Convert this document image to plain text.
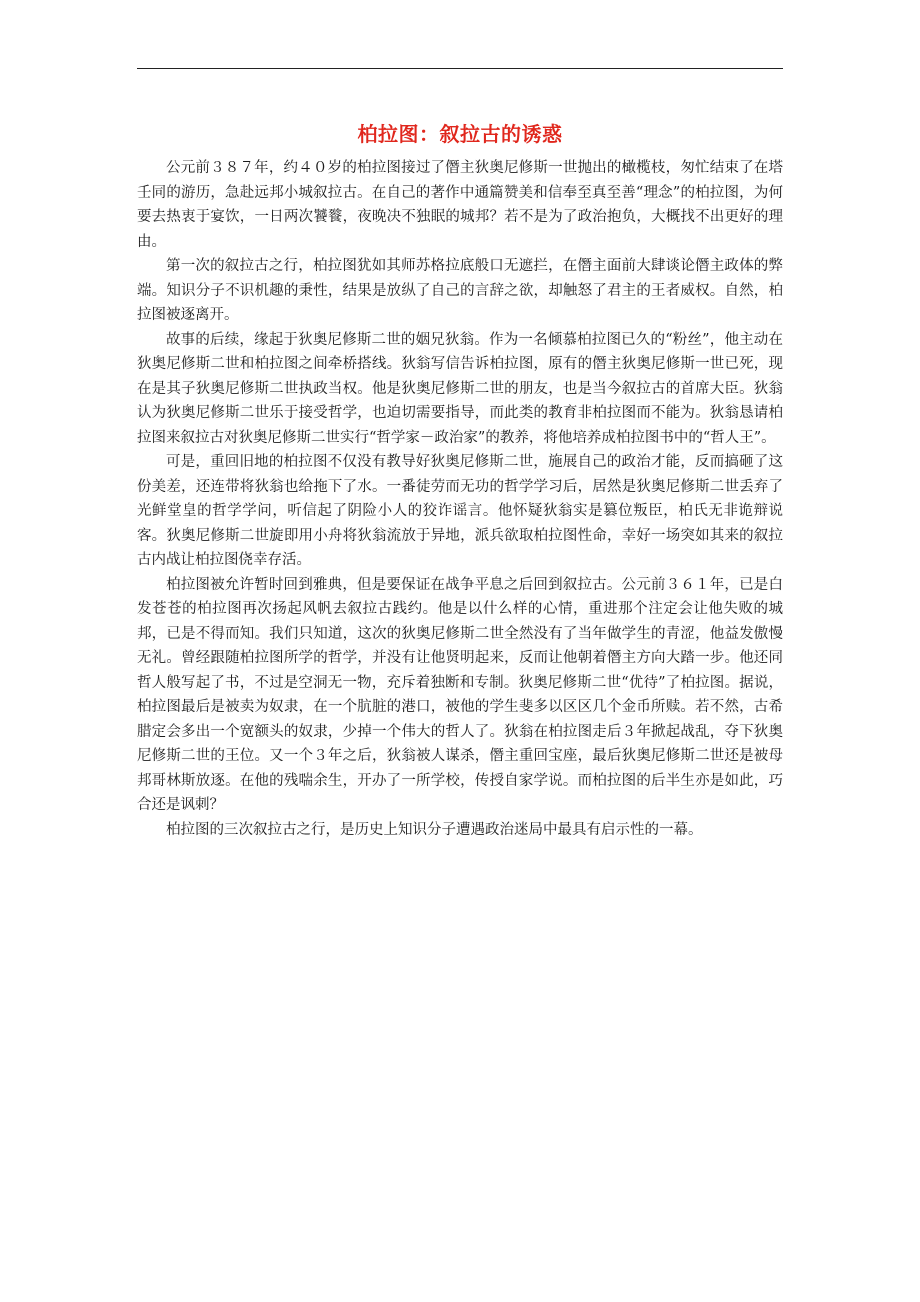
柏拉图：叙拉古的诱惑

公元前３８７年，约４０岁的柏拉图接过了僭主狄奥尼修斯一世抛出的橄榄枝，匆忙结束了在塔壬同的游历，急赴远邦小城叙拉古。在自己的著作中通篇赞美和信奉至真至善“理念”的柏拉图，为何要去热衷于宴饮，一日两次饕餮，夜晚决不独眠的城邦？若不是为了政治抱负，大概找不出更好的理由。

第一次的叙拉古之行，柏拉图犹如其师苏格拉底般口无遮拦，在僭主面前大肆谈论僭主政体的弊端。知识分子不识机趣的秉性，结果是放纵了自己的言辞之欲，却触怒了君主的王者威权。自然，柏拉图被逐离开。

故事的后续，缘起于狄奥尼修斯二世的姻兄狄翁。作为一名倾慕柏拉图已久的“粉丝”，他主动在狄奥尼修斯二世和柏拉图之间牵桥搭线。狄翁写信告诉柏拉图，原有的僭主狄奥尼修斯一世已死，现在是其子狄奥尼修斯二世执政当权。他是狄奥尼修斯二世的朋友，也是当今叙拉古的首席大臣。狄翁认为狄奥尼修斯二世乐于接受哲学，也迫切需要指导，而此类的教育非柏拉图而不能为。狄翁恳请柏拉图来叙拉古对狄奥尼修斯二世实行“哲学家－政治家”的教养，将他培养成柏拉图书中的“哲人王”。

可是，重回旧地的柏拉图不仅没有教导好狄奥尼修斯二世，施展自己的政治才能，反而搞砸了这份美差，还连带将狄翁也给拖下了水。一番徒劳而无功的哲学学习后，居然是狄奥尼修斯二世丢弃了光鲜堂皇的哲学学问，听信起了阴险小人的狡诈谣言。他怀疑狄翁实是篡位叛臣，柏氏无非诡辩说客。狄奥尼修斯二世旋即用小舟将狄翁流放于异地，派兵欲取柏拉图性命，幸好一场突如其来的叙拉古内战让柏拉图侥幸存活。

柏拉图被允许暂时回到雅典，但是要保证在战争平息之后回到叙拉古。公元前３６１年，已是白发苍苍的柏拉图再次扬起风帆去叙拉古践约。他是以什么样的心情，重进那个注定会让他失败的城邦，已是不得而知。我们只知道，这次的狄奥尼修斯二世全然没有了当年做学生的青涩，他益发傲慢无礼。曾经跟随柏拉图所学的哲学，并没有让他贤明起来，反而让他朝着僭主方向大踏一步。他还同哲人般写起了书，不过是空洞无一物，充斥着独断和专制。狄奥尼修斯二世“优待”了柏拉图。据说，柏拉图最后是被卖为奴隶，在一个肮脏的港口，被他的学生斐多以区区几个金币所赎。若不然，古希腊定会多出一个宽额头的奴隶，少掉一个伟大的哲人了。狄翁在柏拉图走后３年掀起战乱，夺下狄奥尼修斯二世的王位。又一个３年之后，狄翁被人谋杀，僭主重回宝座，最后狄奥尼修斯二世还是被母邦哥林斯放逐。在他的残喘余生，开办了一所学校，传授自家学说。而柏拉图的后半生亦是如此，巧合还是讽刺？

柏拉图的三次叙拉古之行，是历史上知识分子遭遇政治迷局中最具有启示性的一幕。
